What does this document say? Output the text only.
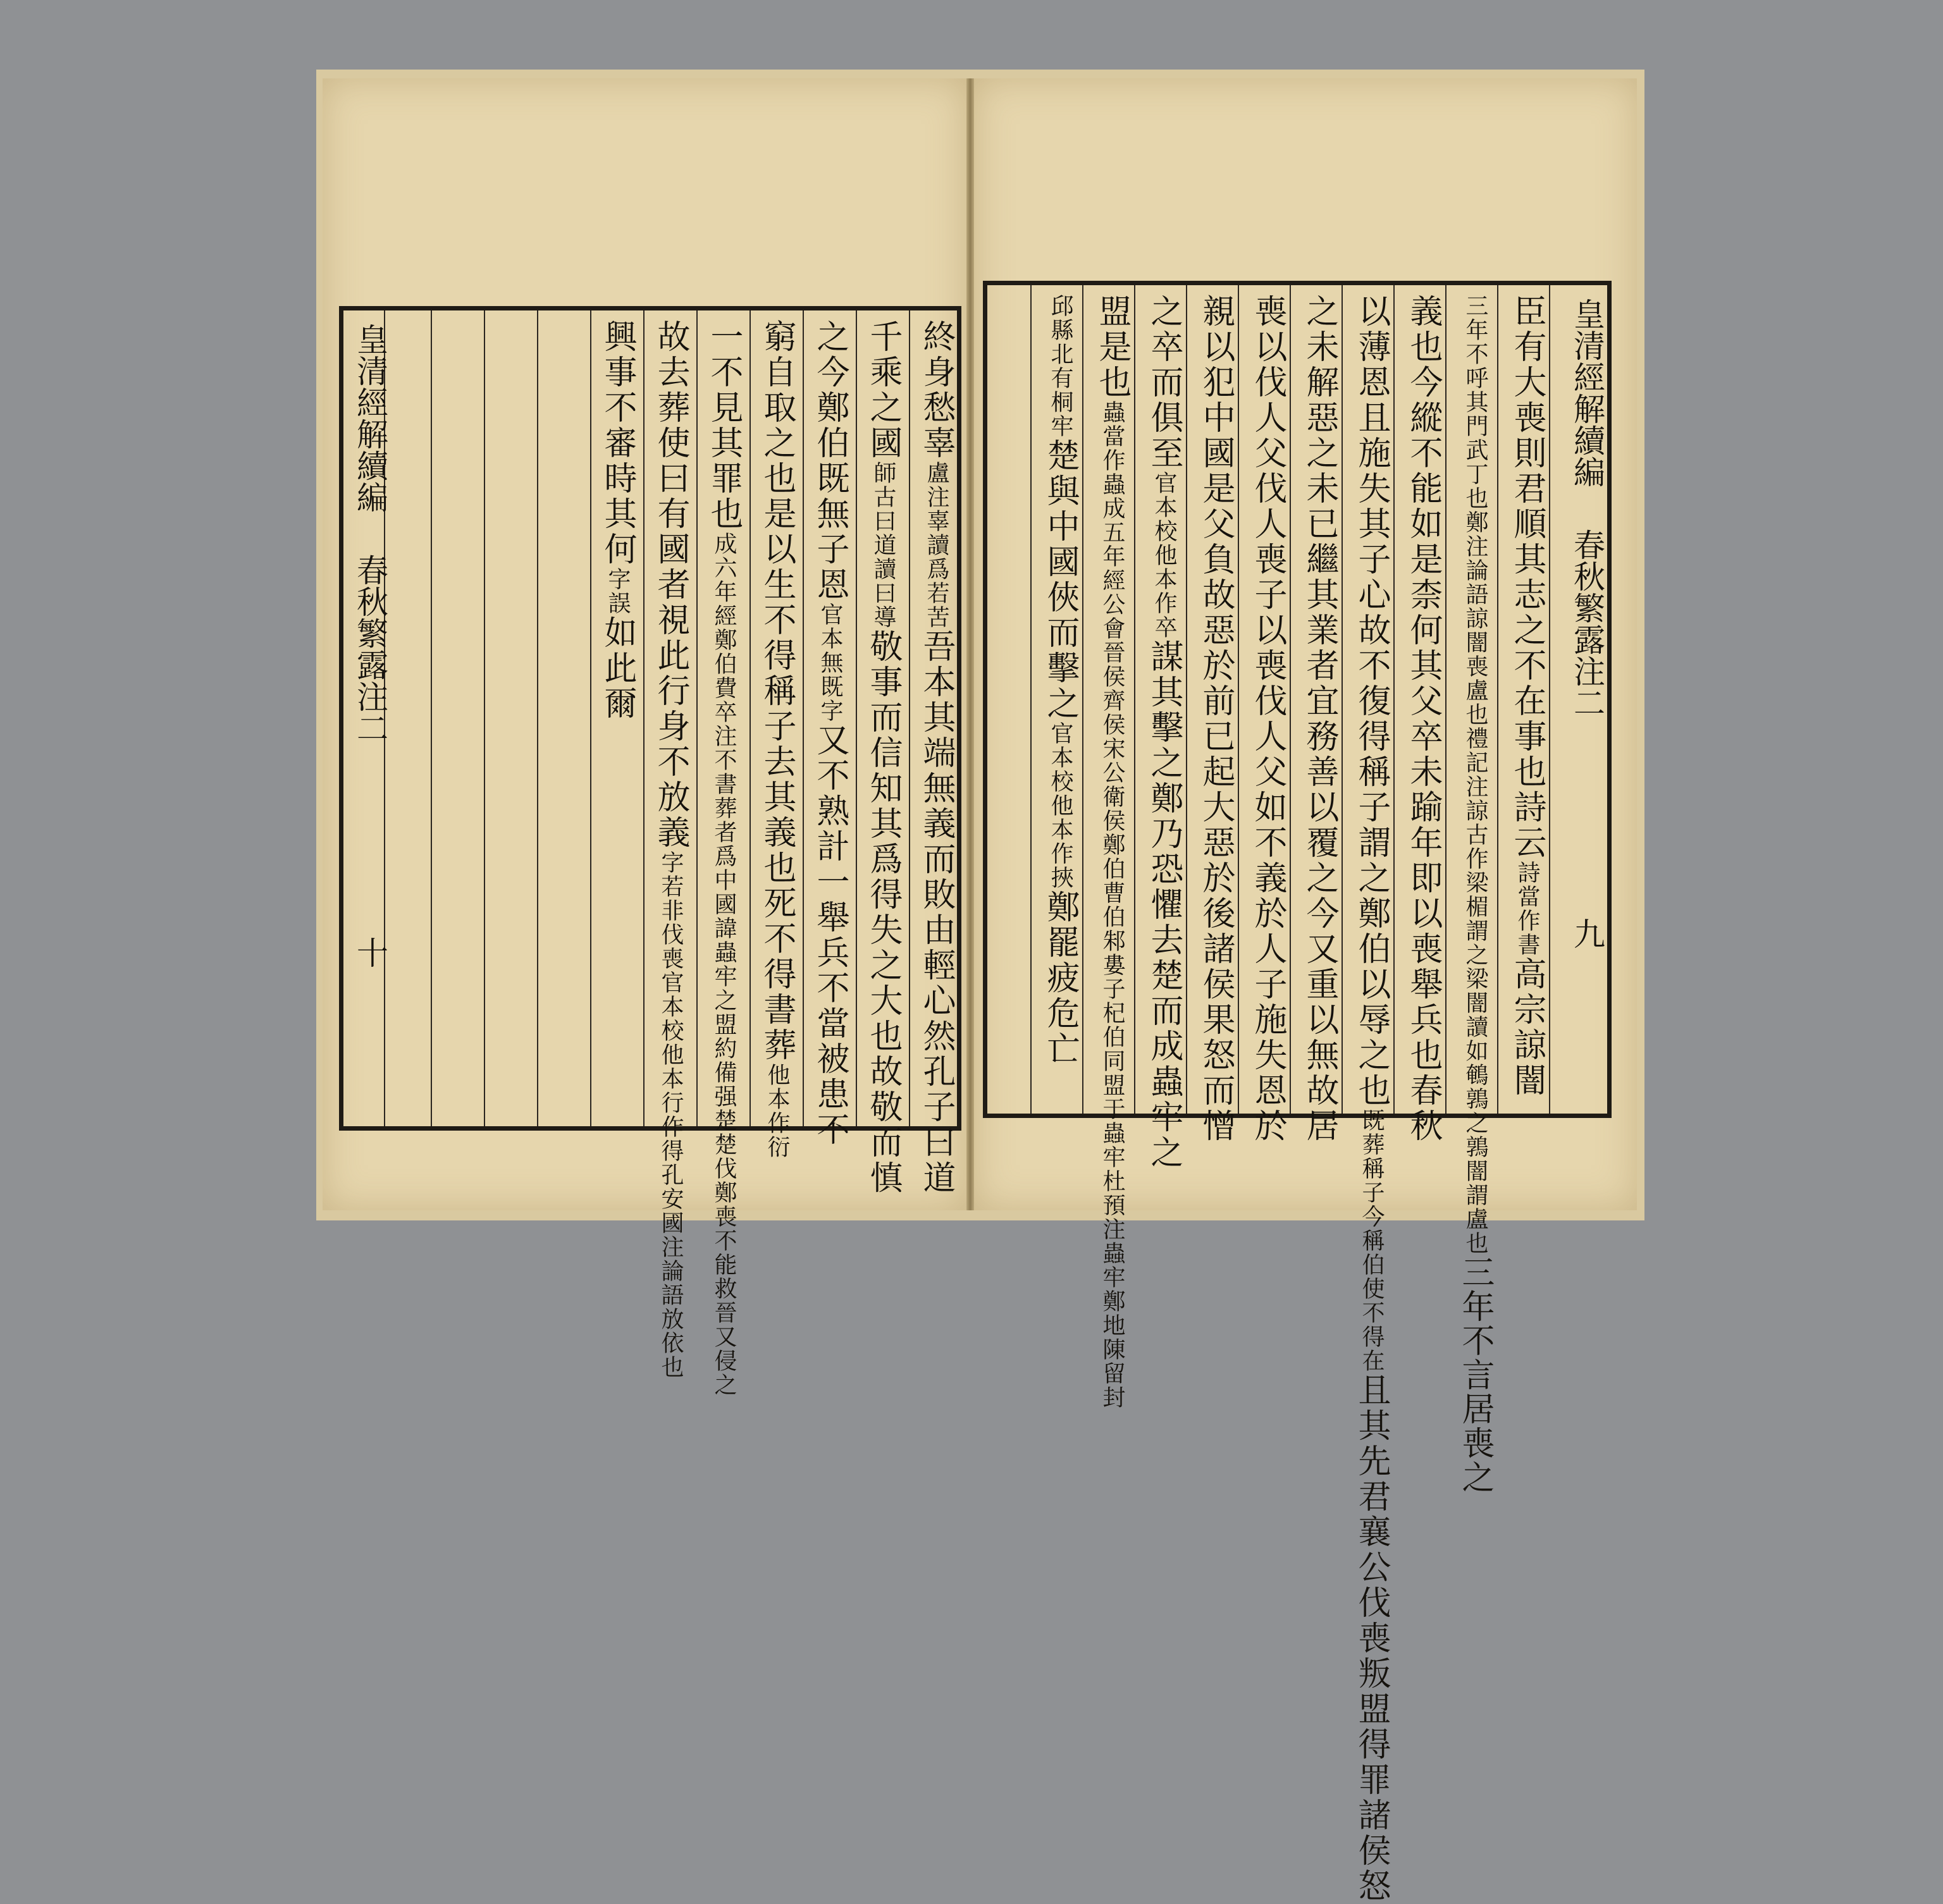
皇清經解續編
春秋繁露注二
十
終身愁辜盧注辜讀爲若苦吾本其端無義而敗由輕心然孔子曰道
千乘之國師古曰道讀曰導敬事而信知其爲得失之大也故敬而慎
之今鄭伯既無子恩官本無既字又不熟計一舉兵不當被患不
窮自取之也是以生不得稱子去其義也死不得書葬他本作衍
一不見其罪也成六年經鄭伯費卒注不書葬者爲中國諱蟲牢之盟約備强楚楚伐鄭喪不能救晉又侵之
故去葬使曰有國者視此行身不放義字若非伐喪官本校他本行作得孔安國注論語放依也
興事不審時其何字誤如此爾
皇清經解續編
春秋繁露注二
九
臣有大喪則君順其志之不在事也詩云詩當作書高宗諒闇
三年不呼其門武丁也鄭注論語諒闇喪盧也禮記注諒古作梁楣謂之梁闇讀如鵪鶉之鶉闇謂盧也三年不言居喪之
義也今縱不能如是柰何其父卒未踰年即以喪舉兵也春秋
以薄恩且施失其子心故不復得稱子謂之鄭伯以辱之也既葬稱子今稱伯使不得在且其先君襄公伐喪叛盟得罪諸侯怒
之未解惡之未已繼其業者宜務善以覆之今又重以無故居
喪以伐人父伐人喪子以喪伐人父如不義於人子施失恩於
親以犯中國是父負故惡於前已起大惡於後諸侯果怒而憎
之卒而俱至官本校他本作卒謀其擊之鄭乃恐懼去楚而成蟲牢之
盟是也蟲當作蟲成五年經公會晉侯齊侯宋公衛侯鄭伯曹伯邾婁子杞伯同盟于蟲牢杜預注蟲牢鄭地陳留封
邱縣北有桐牢楚與中國俠而擊之官本校他本作挾鄭罷疲危亡
